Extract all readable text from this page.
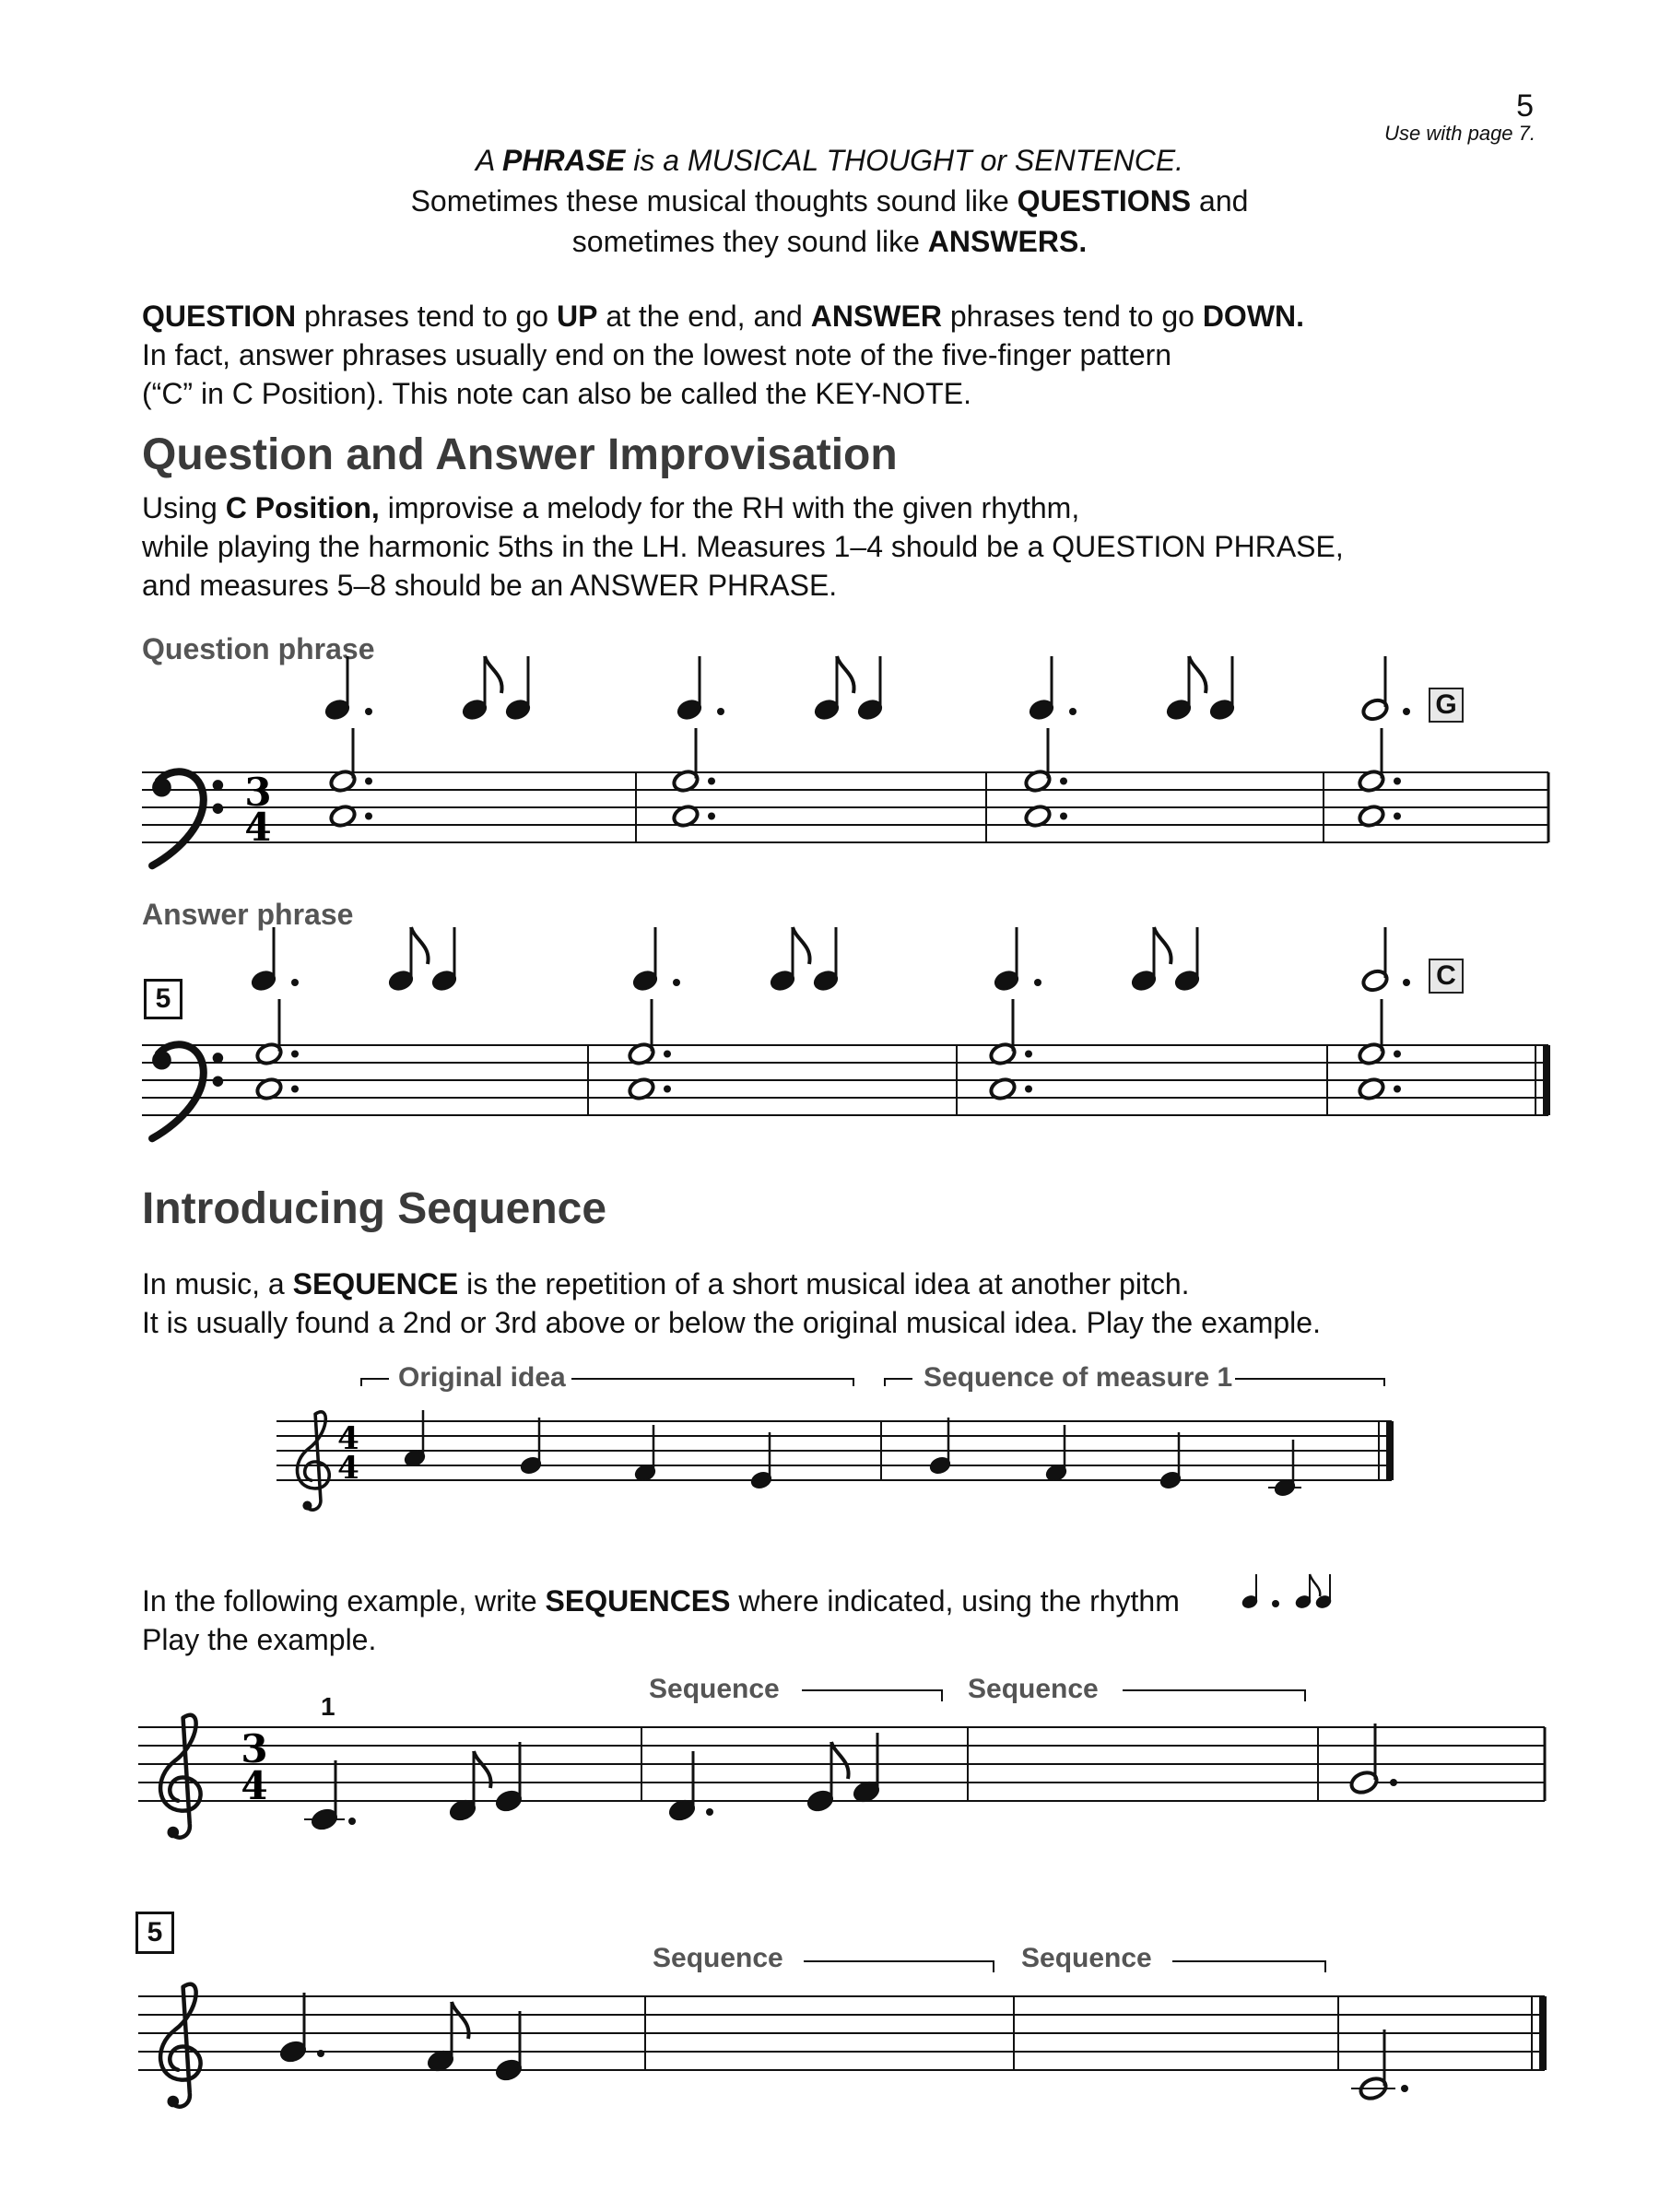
5
Use with page 7.
A PHRASE is a MUSICAL THOUGHT or SENTENCE.
Sometimes these musical thoughts sound like QUESTIONS and
sometimes they sound like ANSWERS.
QUESTION phrases tend to go UP at the end, and ANSWER phrases tend to go DOWN.
In fact, answer phrases usually end on the lowest note of the five-finger pattern
(“C” in C Position). This note can also be called the KEY-NOTE.
Question and Answer Improvisation
Using C Position, improvise a melody for the RH with the given rhythm,
while playing the harmonic 5ths in the LH. Measures 1–4 should be a QUESTION PHRASE,
and measures 5–8 should be an ANSWER PHRASE.
Question phrase
Answer phrase
5
G
C
Introducing Sequence
In music, a SEQUENCE is the repetition of a short musical idea at another pitch.
It is usually found a 2nd or 3rd above or below the original musical idea. Play the example.
Original idea	Sequence of measure 1
In the following example, write SEQUENCES where indicated, using the rhythm
Play the example.
1
5
Sequence	Sequence
Sequence	Sequence
3
4
4
4
3
4
